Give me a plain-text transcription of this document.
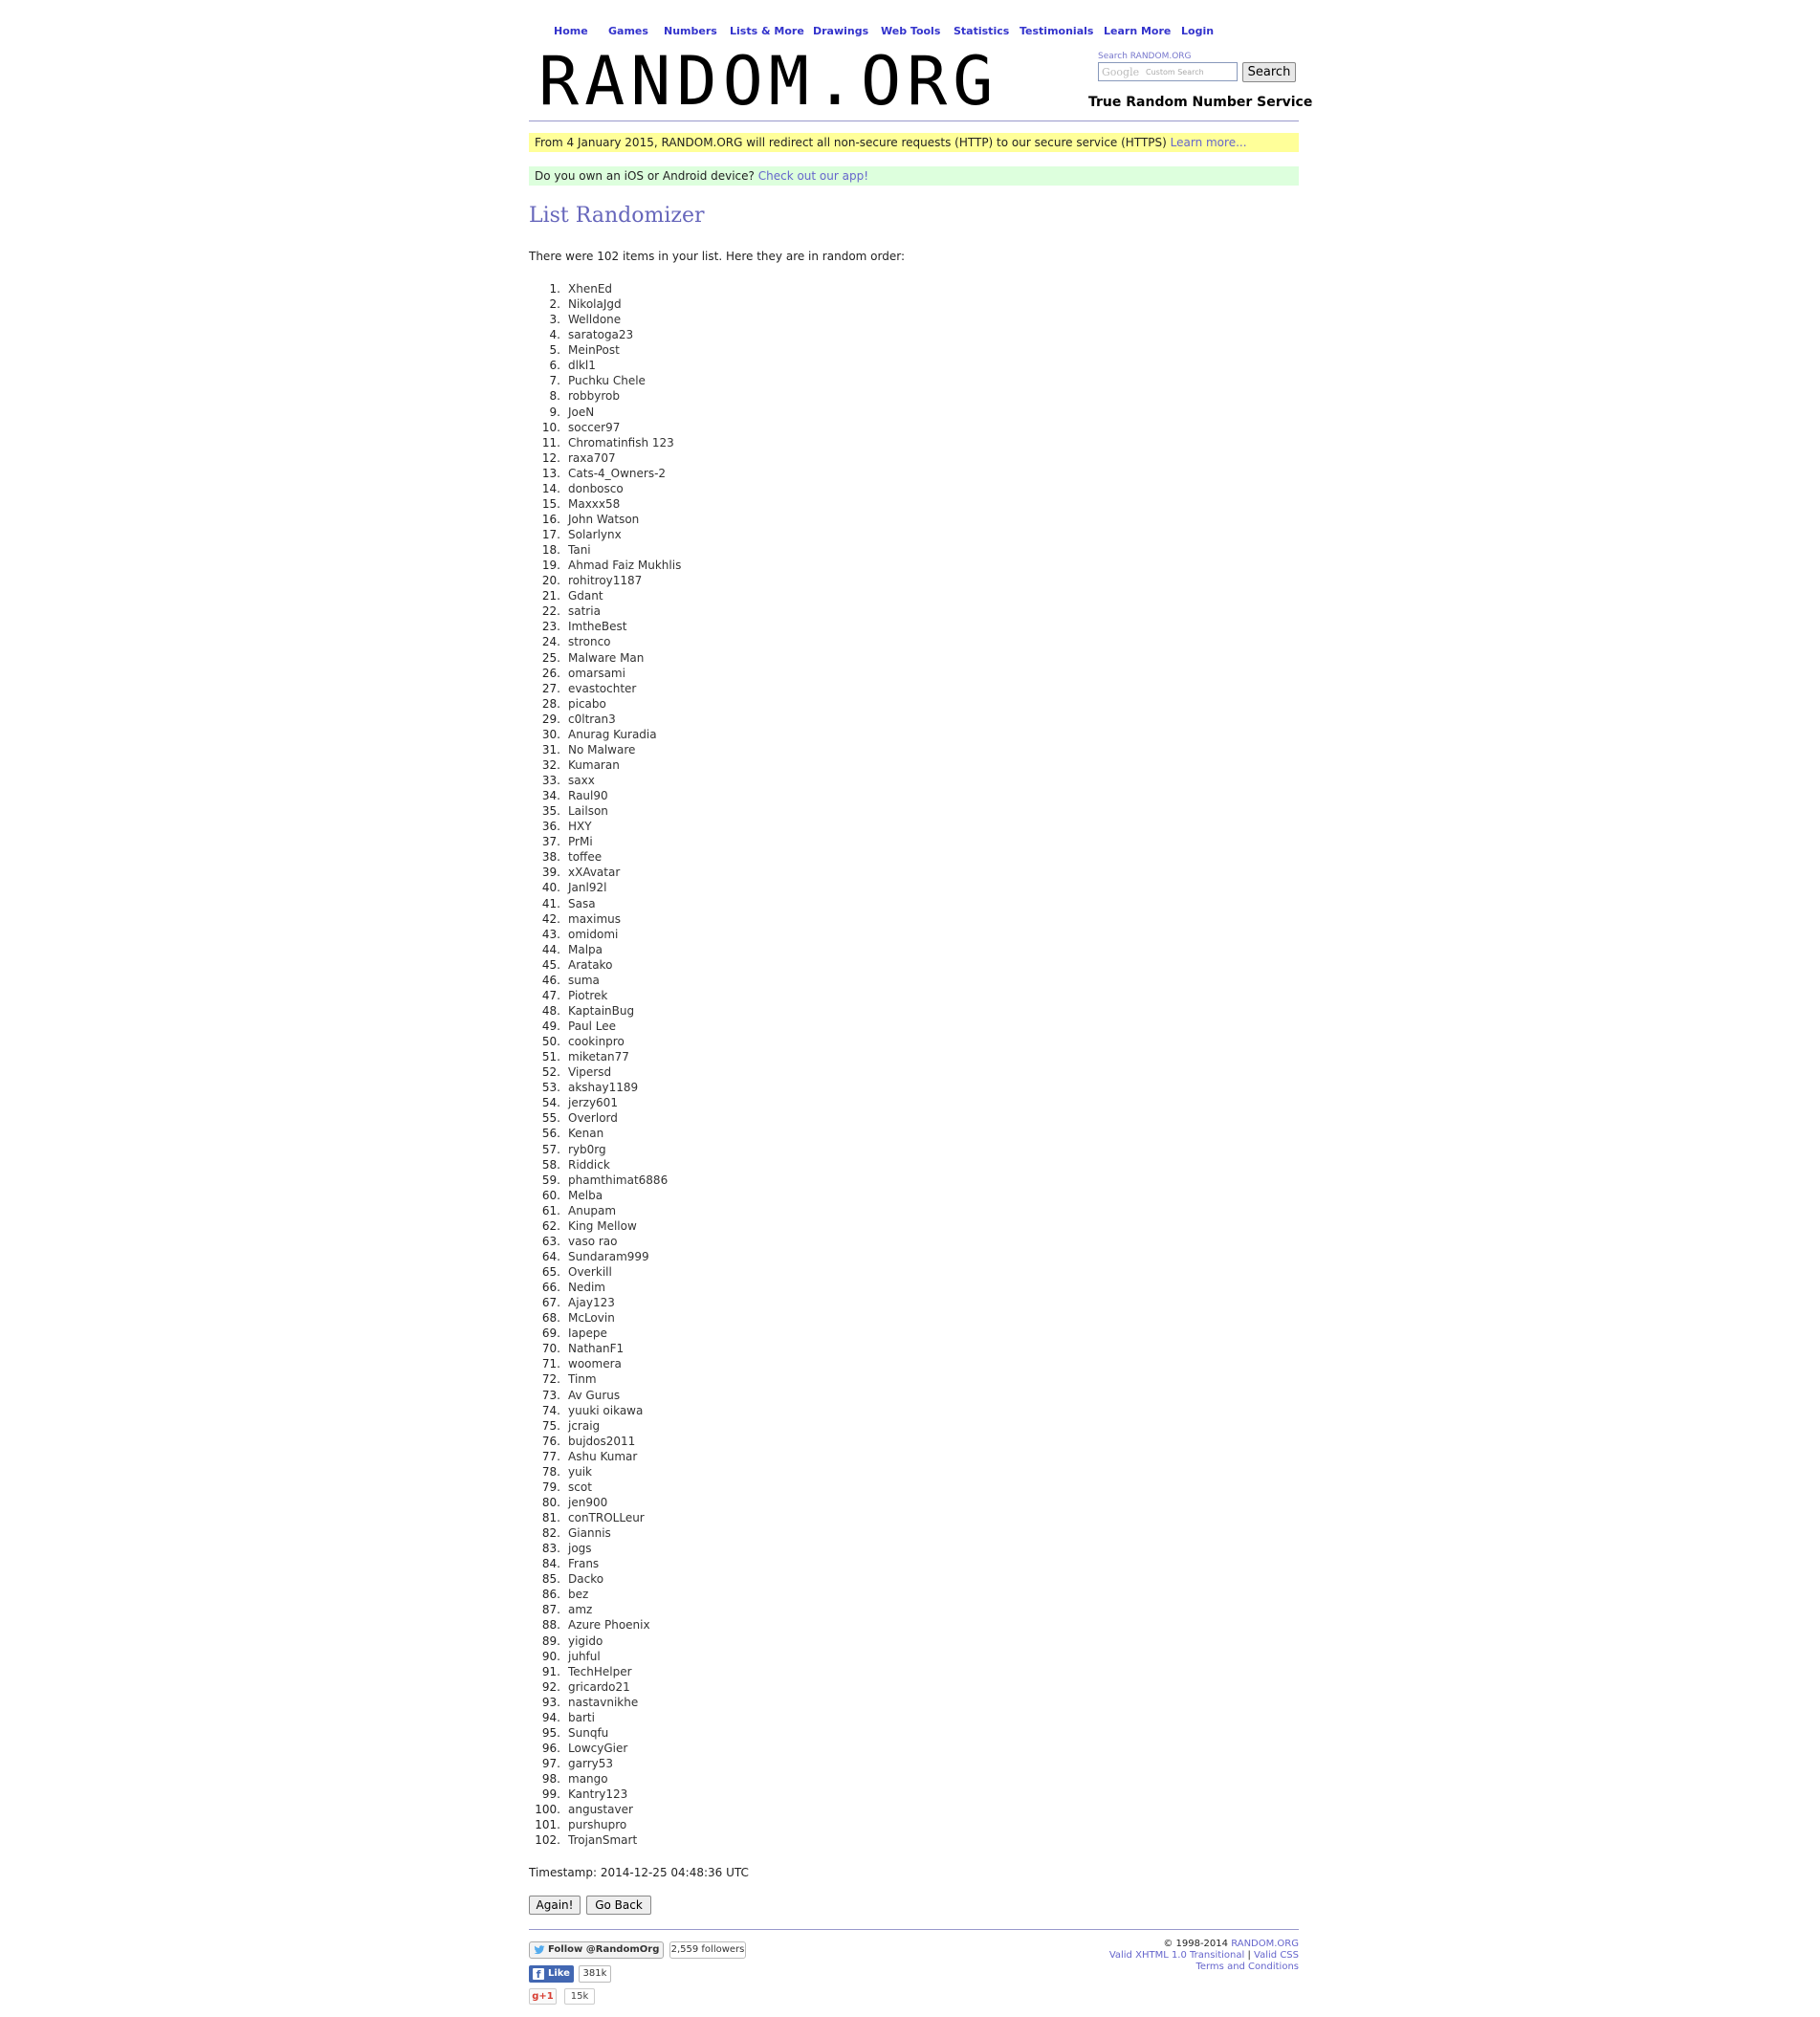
Home Games Numbers Lists & More Drawings Web Tools Statistics Testimonials Learn More Login
RANDOM.ORG	Search RANDOM.ORG
Google Custom Search	Search
True Random Number Service
From 4 January 2015, RANDOM.ORG will redirect all non-secure requests (HTTP) to our secure service (HTTPS) Learn more...
Do you own an iOS or Android device? Check out our app!
List Randomizer
There were 102 items in your list. Here they are in random order:
1. XhenEd
2. NikolaJgd
3. Welldone
4. saratoga23
5. MeinPost
6. dlkl1
7. Puchku Chele
8. robbyrob
9. JoeN
10. soccer97
11. Chromatinfish 123
12. raxa707
13. Cats-4_Owners-2
14. donbosco
15. Maxxx58
16. John Watson
17. Solarlynx
18. Tani
19. Ahmad Faiz Mukhlis
20. rohitroy1187
21. Gdant
22. satria
23. ImtheBest
24. stronco
25. Malware Man
26. omarsami
27. evastochter
28. picabo
29. c0ltran3
30. Anurag Kuradia
31. No Malware
32. Kumaran
33. saxx
34. Raul90
35. Lailson
36. HXY
37. PrMi
38. toffee
39. xXAvatar
40. Janl92l
41. Sasa
42. maximus
43. omidomi
44. Malpa
45. Aratako
46. suma
47. Piotrek
48. KaptainBug
49. Paul Lee
50. cookinpro
51. miketan77
52. Vipersd
53. akshay1189
54. jerzy601
55. Overlord
56. Kenan
57. ryb0rg
58. Riddick
59. phamthimat6886
60. Melba
61. Anupam
62. King Mellow
63. vaso rao
64. Sundaram999
65. Overkill
66. Nedim
67. Ajay123
68. McLovin
69. Iapepe
70. NathanF1
71. woomera
72. Tinm
73. Av Gurus
74. yuuki oikawa
75. jcraig
76. bujdos2011
77. Ashu Kumar
78. yuik
79. scot
80. jen900
81. conTROLLeur
82. Giannis
83. jogs
84. Frans
85. Dacko
86. bez
87. amz
88. Azure Phoenix
89. yigido
90. juhful
91. TechHelper
92. gricardo21
93. nastavnikhe
94. barti
95. Sunqfu
96. LowcyGier
97. garry53
98. mango
99. Kantry123
100. angustaver
101. purshupro
102. TrojanSmart
Timestamp: 2014-12-25 04:48:36 UTC
Again!	Go Back
Follow @RandomOrg 2,559 followers
f Like	381k
g+1	15k
© 1998-2014 RANDOM.ORG
Valid XHTML 1.0 Transitional | Valid CSS
Terms and Conditions
